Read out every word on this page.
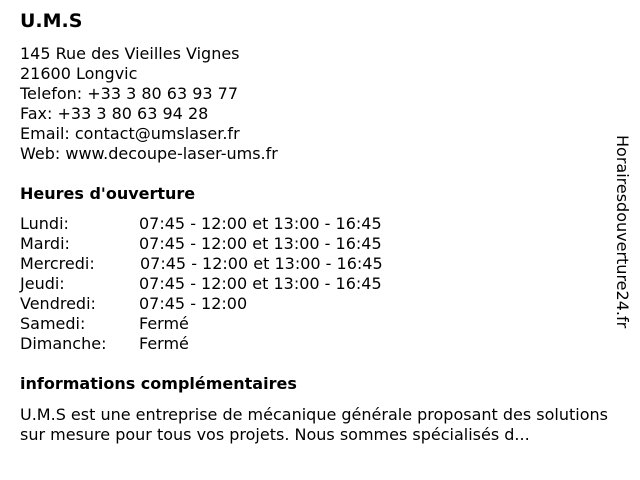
U.M.S
145 Rue des Vieilles Vignes
21600 Longvic
Telefon: +33 3 80 63 93 77
Fax: +33 3 80 63 94 28
Email: contact@umslaser.fr
Web: www.decoupe-laser-ums.fr
Heures d'ouverture
Lundi:	07:45 - 12:00 et 13:00 - 16:45
Mardi:	07:45 - 12:00 et 13:00 - 16:45
Mercredi:	07:45 - 12:00 et 13:00 - 16:45
Jeudi:	07:45 - 12:00 et 13:00 - 16:45
Vendredi:	07:45 - 12:00
Samedi:	Fermé
Dimanche:	Fermé
informations complémentaires

U.M.S est une entreprise de mécanique générale proposant des solutions sur mesure pour tous vos projets. Nous sommes spécialisés d...

Horairesdouverture24.fr
